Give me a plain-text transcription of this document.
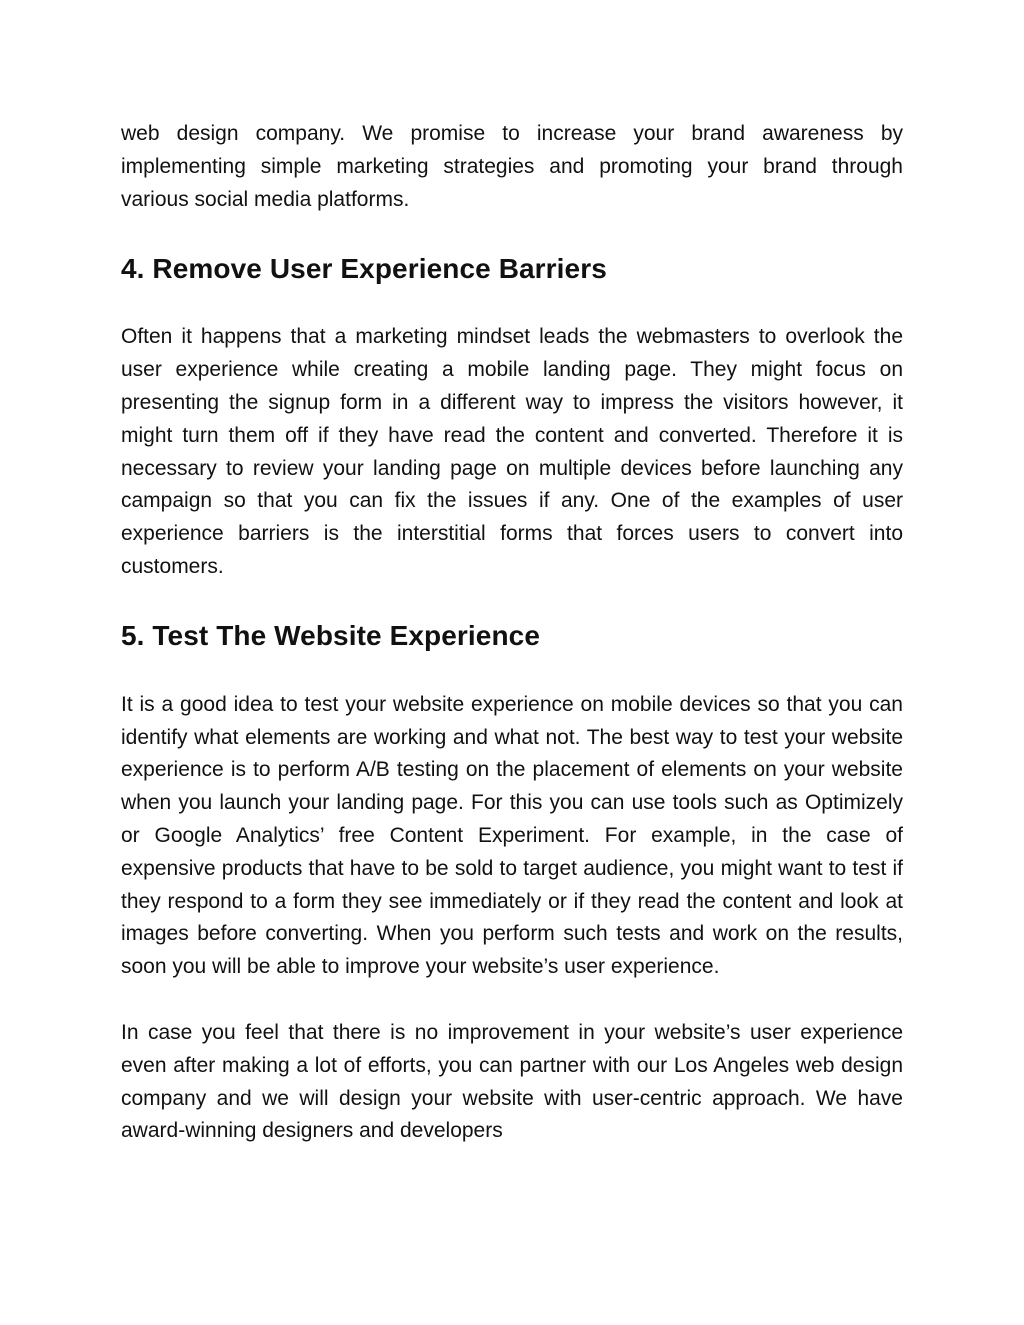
web design company. We promise to increase your brand awareness by implementing simple marketing strategies and promoting your brand through various social media platforms.

4. Remove User Experience Barriers

Often it happens that a marketing mindset leads the webmasters to overlook the user experience while creating a mobile landing page. They might focus on presenting the signup form in a different way to impress the visitors however, it might turn them off if they have read the content and converted. Therefore it is necessary to review your landing page on multiple devices before launching any campaign so that you can fix the issues if any. One of the examples of user experience barriers is the interstitial forms that forces users to convert into customers.

5. Test The Website Experience

It is a good idea to test your website experience on mobile devices so that you can identify what elements are working and what not. The best way to test your website experience is to perform A/B testing on the placement of elements on your website when you launch your landing page. For this you can use tools such as Optimizely or Google Analytics’ free Content Experiment. For example, in the case of expensive products that have to be sold to target audience, you might want to test if they respond to a form they see immediately or if they read the content and look at images before converting. When you perform such tests and work on the results, soon you will be able to improve your website’s user experience.

In case you feel that there is no improvement in your website’s user experience even after making a lot of efforts, you can partner with our Los Angeles web design company and we will design your website with user-centric approach. We have award-winning designers and developers
